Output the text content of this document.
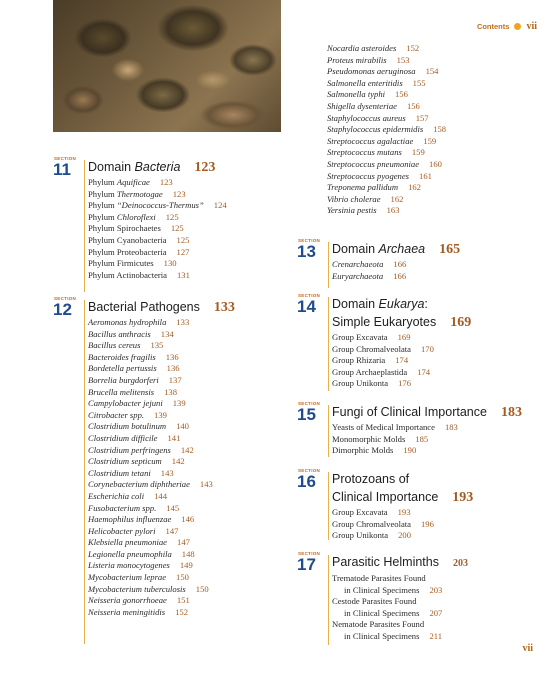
Contents vii
SECTION
11 Domain Bacteria 123
Phylum Aquificae 123
Phylum Thermotogae 123
Phylum “Deinococcus-Thermus” 124
Phylum Chloroflexi 125
Phylum Spirochaetes 125
Phylum Cyanobacteria 125
Phylum Proteobacteria 127
Phylum Firmicutes 130
Phylum Actinobacteria 131
SECTION
12 Bacterial Pathogens 133
Aeromonas hydrophila 133
Bacillus anthracis 134
Bacillus cereus 135
Bacteroides fragilis 136
Bordetella pertussis 136
Borrelia burgdorferi 137
Brucella melitensis 138
Campylobacter jejuni 139
Citrobacter spp. 139
Clostridium botulinum 140
Clostridium difficile 141
Clostridium perfringens 142
Clostridium septicum 142
Clostridium tetani 143
Corynebacterium diphtheriae 143
Escherichia coli 144
Fusobacterium spp. 145
Haemophilus influenzae 146
Helicobacter pylori 147
Klebsiella pneumoniae 147
Legionella pneumophila 148
Listeria monocytogenes 149
Mycobacterium leprae 150
Mycobacterium tuberculosis 150
Neisseria gonorrhoeae 151
Neisseria meningitidis 152
Nocardia asteroides 152
Proteus mirabilis 153
Pseudomonas aeruginosa 154
Salmonella enteritidis 155
Salmonella typhi 156
Shigella dysenteriae 156
Staphylococcus aureus 157
Staphylococcus epidermidis 158
Streptococcus agalactiae 159
Streptococcus mutans 159
Streptococcus pneumoniae 160
Streptococcus pyogenes 161
Treponema pallidum 162
Vibrio cholerae 162
Yersinia pestis 163
SECTION
13 Domain Archaea 165
Crenarchaeota 166
Euryarchaeota 166
SECTION
14 Domain Eukarya:
Simple Eukaryotes 169
Group Excavata 169
Group Chromalveolata 170
Group Rhizaria 174
Group Archaeplastida 174
Group Unikonta 176
SECTION
15 Fungi of Clinical Importance 183
Yeasts of Medical Importance 183
Monomorphic Molds 185
Dimorphic Molds 190
SECTION
16 Protozoans of
Clinical Importance 193
Group Excavata 193
Group Chromalveolata 196
Group Unikonta 200
SECTION
17 Parasitic Helminths 203
Trematode Parasites Found
in Clinical Specimens 203
Cestode Parasites Found
in Clinical Specimens 207
Nematode Parasites Found
in Clinical Specimens 211
vii
